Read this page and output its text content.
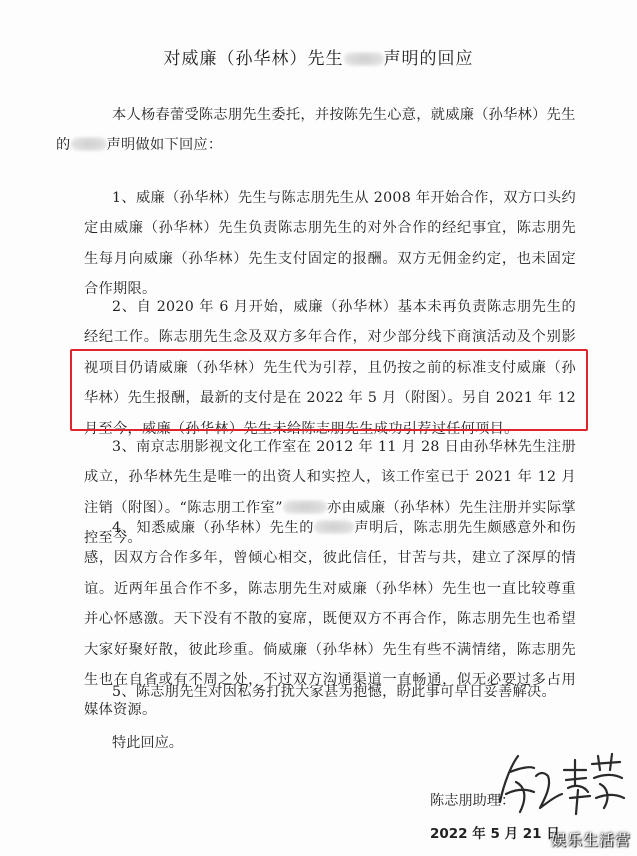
对威廉（孙华林）先生 声明的回应
本人杨春蕾受陈志朋先生委托，并按陈先生心意，就威廉（孙华林）先生
的	声明做如下回应：
1、威廉（孙华林）先生与陈志朋先生从 2008 年开始合作，双方口头约定由威廉（孙华林）先生负责陈志朋先生的对外合作的经纪事宜，陈志朋先生每月向威廉（孙华林）先生支付固定的报酬。双方无佣金约定，也未固定合作期限。
2、自 2020 年 6 月开始，威廉（孙华林）基本未再负责陈志朋先生的经纪工作。陈志朋先生念及双方多年合作，对少部分线下商演活动及个别影视项目仍请威廉（孙华林）先生代为引荐，且仍按之前的标准支付威廉（孙华林）先生报酬，最新的支付是在 2022 年 5 月（附图）。另自 2021 年 12 月至今，威廉（孙华林）先生未给陈志朋先生成功引荐过任何项目。
3、南京志朋影视文化工作室在 2012 年 11 月 28 日由孙华林先生注册成立，孙华林先生是唯一的出资人和实控人，该工作室已于 2021 年 12 月注销（附图）。“陈志朋工作室”	亦由威廉（孙华林）先生注册并实际掌控至今。
4、知悉威廉（孙华林）先生的	声明后，陈志朋先生颇感意外和伤感，因双方合作多年，曾倾心相交，彼此信任，甘苦与共，建立了深厚的情谊。近两年虽合作不多，陈志朋先生对威廉（孙华林）先生也一直比较尊重并心怀感激。天下没有不散的宴席，既便双方不再合作，陈志朋先生也希望大家好聚好散，彼此珍重。倘威廉（孙华林）先生有些不满情绪，陈志朋先生也在自省或有不周之处，不过双方沟通渠道一直畅通，似无必要过多占用媒体资源。
5、陈志朋先生对因私务打扰大家甚为抱憾，盼此事可早日妥善解决。
特此回应。
陈志朋助理：
2022 年 5 月 21 日
娱乐生活营
